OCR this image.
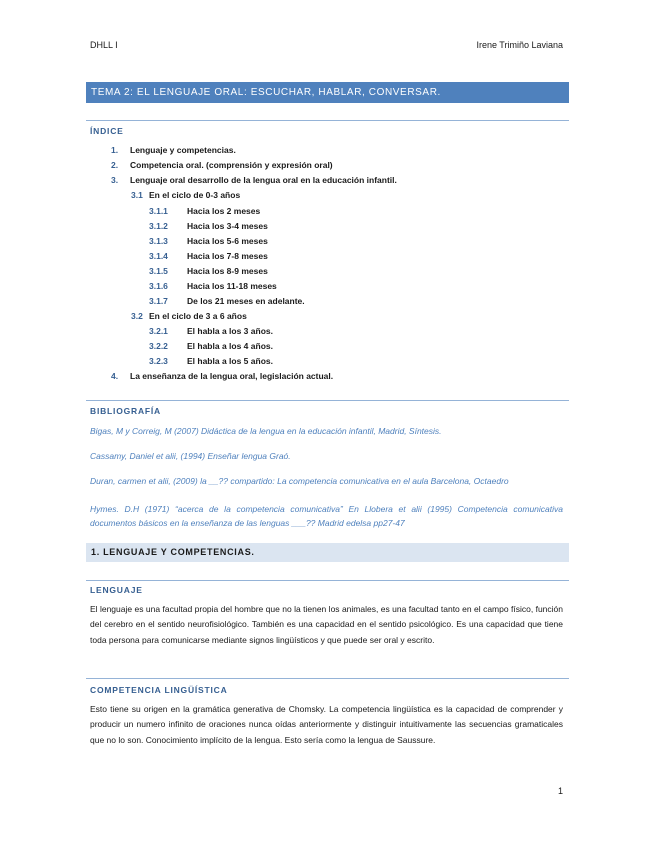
DHLL I	Irene Trimiño Laviana
TEMA 2: EL LENGUAJE ORAL: ESCUCHAR, HABLAR, CONVERSAR.
ÍNDICE
1.	Lenguaje y competencias.
2.	Competencia oral. (comprensión y expresión oral)
3.	Lenguaje oral desarrollo de la lengua oral en la educación infantil.
3.1 En el ciclo de 0-3 años
3.1.1	Hacia los 2 meses
3.1.2	Hacia los 3-4 meses
3.1.3	Hacia los 5-6 meses
3.1.4	Hacia los 7-8 meses
3.1.5	Hacia los 8-9 meses
3.1.6	Hacia los 11-18 meses
3.1.7	De los 21 meses en adelante.
3.2 En el ciclo de 3 a 6 años
3.2.1	El habla a los 3 años.
3.2.2	El habla a los 4 años.
3.2.3	El habla a los 5 años.
4.	La enseñanza de la lengua oral, legislación actual.
BIBLIOGRAFÍA
Bigas, M y Correig, M (2007) Didáctica de la lengua en la educación infantil, Madrid, Síntesis.
Cassamy, Daniel et alii, (1994) Enseñar lengua Graó.
Duran, carmen et alii, (2009) la __?? compartido: La competencia comunicativa en el aula Barcelona, Octaedro
Hymes. D.H (1971) “acerca de la competencia comunicativa” En Llobera et alii (1995) Competencia comunicativa documentos básicos en la enseñanza de las lenguas ___?? Madrid edelsa pp27-47
1. LENGUAJE Y COMPETENCIAS.
LENGUAJE
El lenguaje es una facultad propia del hombre que no la tienen los animales, es una facultad tanto en el campo físico, función del cerebro en el sentido neurofisiológico. También es una capacidad en el sentido psicológico. Es una capacidad que tiene toda persona para comunicarse mediante signos lingüísticos y que puede ser oral y escrito.
COMPETENCIA LINGÜÍSTICA
Esto tiene su origen en la gramática generativa de Chomsky. La competencia lingüística es la capacidad de comprender y producir un numero infinito de oraciones nunca oídas anteriormente y distinguir intuitivamente las secuencias gramaticales que no lo son. Conocimiento implícito de la lengua. Esto sería como la lengua de Saussure.
1
